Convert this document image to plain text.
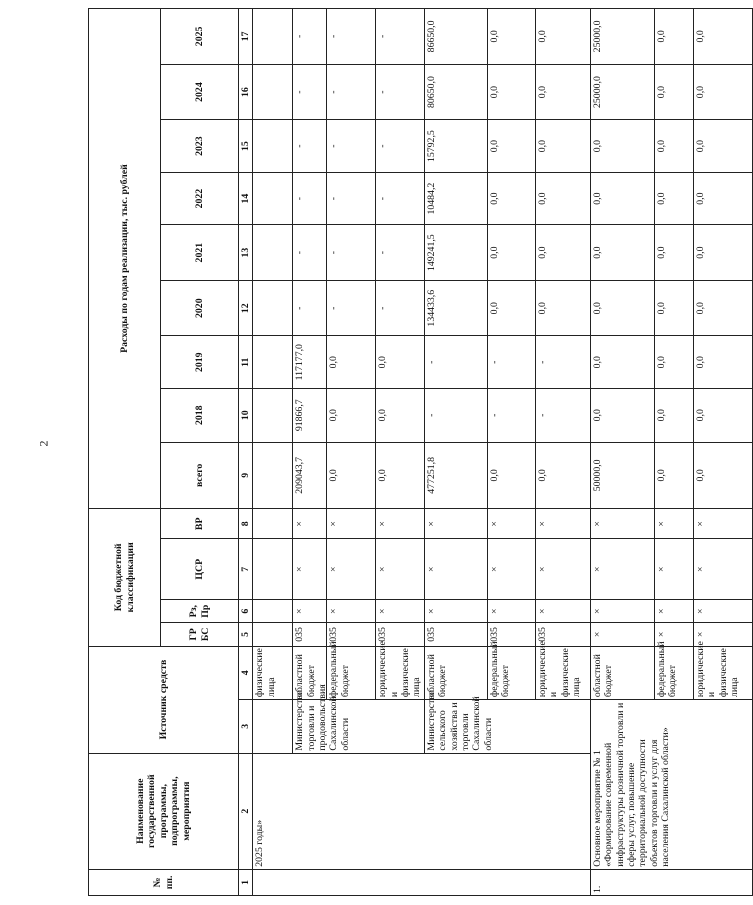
2
№ пп.	Наименование государственной программы, подпрограммы, мероприятия	Источник средств		Код бюджетной классификации				Расходы по годам реализации, тыс. рублей								
				ГР БС	Рз, Пр	ЦСР	ВР	всего	2018	2019	2020	2021	2022	2023	2024	2025
1	2	3	4	5	6	7	8	9	10	11	12	13	14	15	16	17
	2025 годы»		физические лица													
		Министерство торговли и продовольствия Сахалинской области	областной бюджет	035	×	×	×	209043,7	91866,7	117177,0	-	-	-	-	-	-
			федеральный бюджет	035	×	×	×	0,0	0,0	0,0	-	-	-	-	-	-
			юридические и физические лица	035	×	×	×	0,0	0,0	0,0	-	-	-	-	-	-
		Министерство сельского хозяйства и торговли Сахалинской области	областной бюджет	035	×	×	×	477251,8	-	-	134433,6	149241,5	10484,2	15792,5	80650,0	86650,0
			федеральный бюджет	035	×	×	×	0,0	-	-	0,0	0,0	0,0	0,0	0,0	0,0
			юридические и физические лица	035	×	×	×	0,0	-	-	0,0	0,0	0,0	0,0	0,0	0,0
1.	Основное мероприятие № 1 «Формирование современной инфраструктуры розничной торговли и сферы услуг, повышение территориальной доступности объектов торговли и услуг для населения Сахалинской области»		областной бюджет	×	×	×	×	50000,0	0,0	0,0	0,0	0,0	0,0	0,0	25000,0	25000,0
			федеральный бюджет	×	×	×	×	0,0	0,0	0,0	0,0	0,0	0,0	0,0	0,0	0,0
			юридические и физические лица	×	×	×	×	0,0	0,0	0,0	0,0	0,0	0,0	0,0	0,0	0,0
